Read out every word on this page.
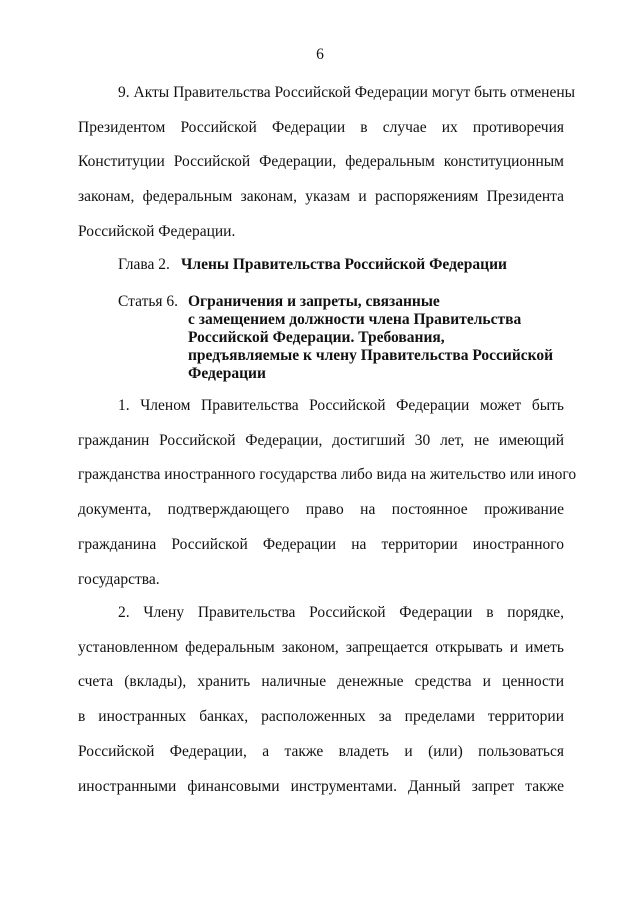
6
9. Акты Правительства Российской Федерации могут быть отменены
Президентом Российской Федерации в случае их противоречия
Конституции Российской Федерации, федеральным конституционным
законам, федеральным законам, указам и распоряжениям Президента
Российской Федерации.
Глава 2. Члены Правительства Российской Федерации
Статья 6. Ограничения и запреты, связанные
с замещением должности члена Правительства
Российской Федерации. Требования,
предъявляемые к члену Правительства Российской
Федерации
1. Членом Правительства Российской Федерации может быть
гражданин Российской Федерации, достигший 30 лет, не имеющий
гражданства иностранного государства либо вида на жительство или иного
документа, подтверждающего право на постоянное проживание
гражданина Российской Федерации на территории иностранного
государства.
2. Члену Правительства Российской Федерации в порядке,
установленном федеральным законом, запрещается открывать и иметь
счета (вклады), хранить наличные денежные средства и ценности
в иностранных банках, расположенных за пределами территории
Российской Федерации, а также владеть и (или) пользоваться
иностранными финансовыми инструментами. Данный запрет также
